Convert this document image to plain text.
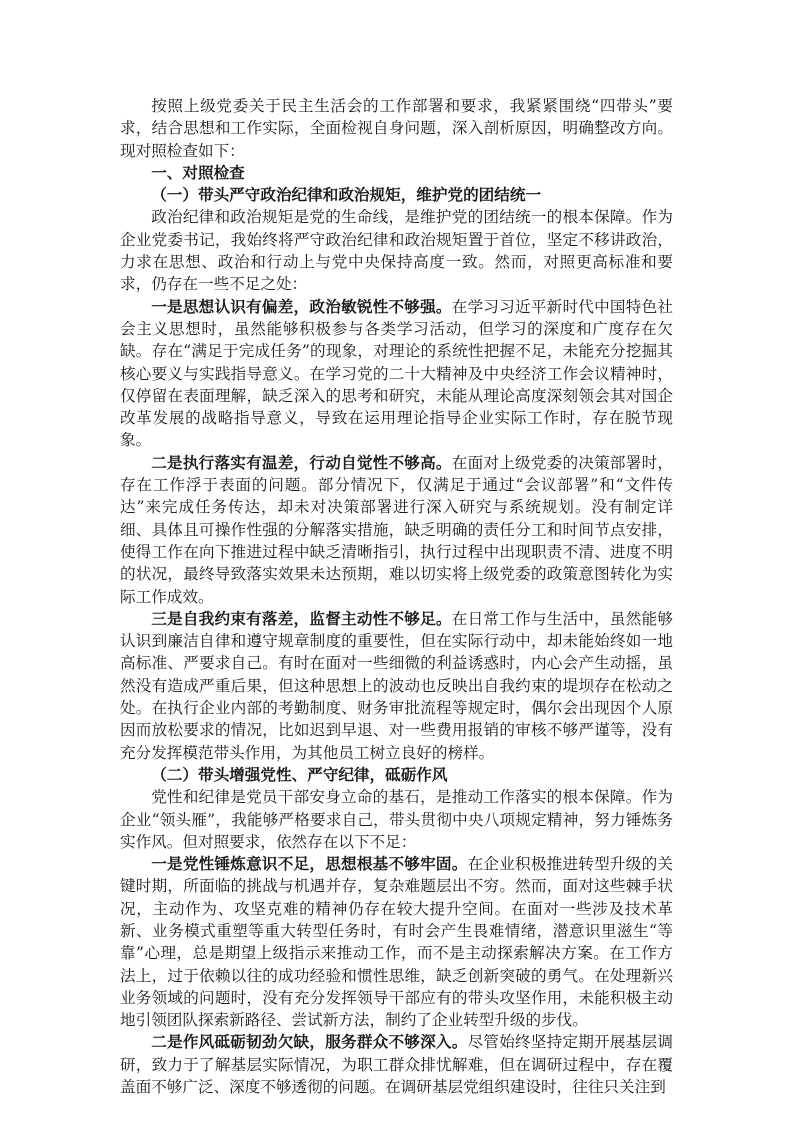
按照上级党委关于民主生活会的工作部署和要求，我紧紧围绕“四带头”要求，结合思想和工作实际，全面检视自身问题，深入剖析原因，明确整改方向。现对照检查如下：

一、对照检查

（一）带头严守政治纪律和政治规矩，维护党的团结统一

政治纪律和政治规矩是党的生命线，是维护党的团结统一的根本保障。作为企业党委书记，我始终将严守政治纪律和政治规矩置于首位，坚定不移讲政治，力求在思想、政治和行动上与党中央保持高度一致。然而，对照更高标准和要求，仍存在一些不足之处：

一是思想认识有偏差，政治敏锐性不够强。在学习习近平新时代中国特色社会主义思想时，虽然能够积极参与各类学习活动，但学习的深度和广度存在欠缺。存在“满足于完成任务”的现象，对理论的系统性把握不足，未能充分挖掘其核心要义与实践指导意义。在学习党的二十大精神及中央经济工作会议精神时，仅停留在表面理解，缺乏深入的思考和研究，未能从理论高度深刻领会其对国企改革发展的战略指导意义，导致在运用理论指导企业实际工作时，存在脱节现象。

二是执行落实有温差，行动自觉性不够高。在面对上级党委的决策部署时，存在工作浮于表面的问题。部分情况下，仅满足于通过“会议部署”和“文件传达”来完成任务传达，却未对决策部署进行深入研究与系统规划。没有制定详细、具体且可操作性强的分解落实措施，缺乏明确的责任分工和时间节点安排，使得工作在向下推进过程中缺乏清晰指引，执行过程中出现职责不清、进度不明的状况，最终导致落实效果未达预期，难以切实将上级党委的政策意图转化为实际工作成效。

三是自我约束有落差，监督主动性不够足。在日常工作与生活中，虽然能够认识到廉洁自律和遵守规章制度的重要性，但在实际行动中，却未能始终如一地高标准、严要求自己。有时在面对一些细微的利益诱惑时，内心会产生动摇，虽然没有造成严重后果，但这种思想上的波动也反映出自我约束的堤坝存在松动之处。在执行企业内部的考勤制度、财务审批流程等规定时，偶尔会出现因个人原因而放松要求的情况，比如迟到早退、对一些费用报销的审核不够严谨等，没有充分发挥模范带头作用，为其他员工树立良好的榜样。

（二）带头增强党性、严守纪律，砥砺作风

党性和纪律是党员干部安身立命的基石，是推动工作落实的根本保障。作为企业“领头雁”，我能够严格要求自己，带头贯彻中央八项规定精神，努力锤炼务实作风。但对照要求，依然存在以下不足：

一是党性锤炼意识不足，思想根基不够牢固。在企业积极推进转型升级的关键时期，所面临的挑战与机遇并存，复杂难题层出不穷。然而，面对这些棘手状况，主动作为、攻坚克难的精神仍存在较大提升空间。在面对一些涉及技术革新、业务模式重塑等重大转型任务时，有时会产生畏难情绪，潜意识里滋生“等靠”心理，总是期望上级指示来推动工作，而不是主动探索解决方案。在工作方法上，过于依赖以往的成功经验和惯性思维，缺乏创新突破的勇气。在处理新兴业务领域的问题时，没有充分发挥领导干部应有的带头攻坚作用，未能积极主动地引领团队探索新路径、尝试新方法，制约了企业转型升级的步伐。

二是作风砥砺韧劲欠缺，服务群众不够深入。尽管始终坚持定期开展基层调研，致力于了解基层实际情况，为职工群众排忧解难，但在调研过程中，存在覆盖面不够广泛、深度不够透彻的问题。在调研基层党组织建设时，往往只关注到
